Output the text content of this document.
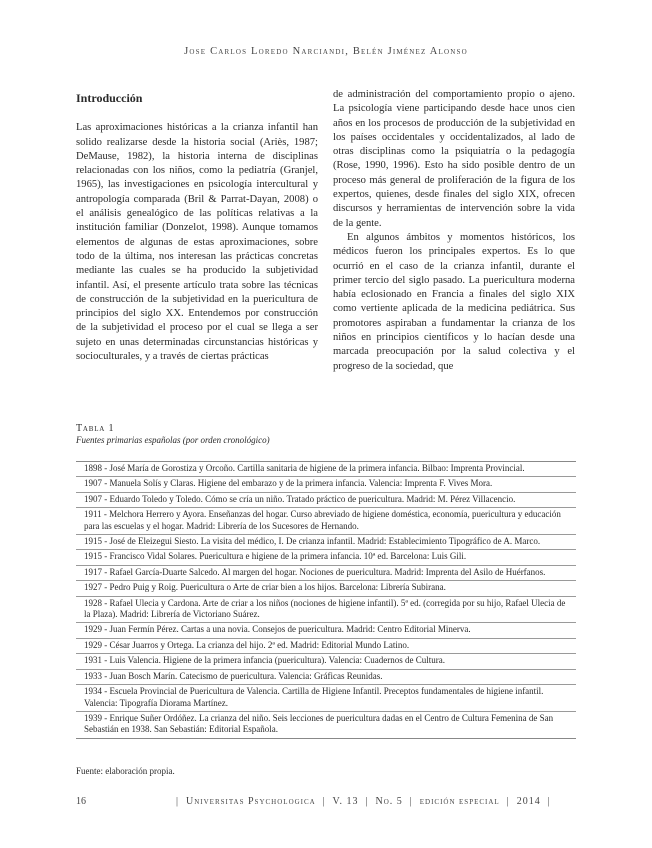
Jose Carlos Loredo Narciandi, Belén Jiménez Alonso
Introducción

Las aproximaciones históricas a la crianza infantil han solido realizarse desde la historia social (Ariès, 1987; DeMause, 1982), la historia interna de disciplinas relacionadas con los niños, como la pediatría (Granjel, 1965), las investigaciones en psicología intercultural y antropología comparada (Bril & Parrat-Dayan, 2008) o el análisis genealógico de las políticas relativas a la institución familiar (Donzelot, 1998). Aunque tomamos elementos de algunas de estas aproximaciones, sobre todo de la última, nos interesan las prácticas concretas mediante las cuales se ha producido la subjetividad infantil. Así, el presente artículo trata sobre las técnicas de construcción de la subjetividad en la puericultura de principios del siglo XX. Entendemos por construcción de la subjetividad el proceso por el cual se llega a ser sujeto en unas determinadas circunstancias históricas y socioculturales, y a través de ciertas prácticas

de administración del comportamiento propio o ajeno. La psicología viene participando desde hace unos cien años en los procesos de producción de la subjetividad en los países occidentales y occidentalizados, al lado de otras disciplinas como la psiquiatría o la pedagogía (Rose, 1990, 1996). Esto ha sido posible dentro de un proceso más general de proliferación de la figura de los expertos, quienes, desde finales del siglo XIX, ofrecen discursos y herramientas de intervención sobre la vida de la gente.

En algunos ámbitos y momentos históricos, los médicos fueron los principales expertos. Es lo que ocurrió en el caso de la crianza infantil, durante el primer tercio del siglo pasado. La puericultura moderna había eclosionado en Francia a finales del siglo XIX como vertiente aplicada de la medicina pediátrica. Sus promotores aspiraban a fundamentar la crianza de los niños en principios científicos y lo hacían desde una marcada preocupación por la salud colectiva y el progreso de la sociedad, que

Tabla 1
Fuentes primarias españolas (por orden cronológico)
1898 - José María de Gorostiza y Orcoño. Cartilla sanitaria de higiene de la primera infancia. Bilbao: Imprenta Provincial.
1907 - Manuela Solís y Claras. Higiene del embarazo y de la primera infancia. Valencia: Imprenta F. Vives Mora.
1907 - Eduardo Toledo y Toledo. Cómo se cría un niño. Tratado práctico de puericultura. Madrid: M. Pérez Villacencio.
1911 - Melchora Herrero y Ayora. Enseñanzas del hogar. Curso abreviado de higiene doméstica, economía, puericultura y educación para las escuelas y el hogar. Madrid: Librería de los Sucesores de Hernando.
1915 - José de Eleizegui Siesto. La visita del médico, I. De crianza infantil. Madrid: Establecimiento Tipográfico de A. Marco.
1915 - Francisco Vidal Solares. Puericultura e higiene de la primera infancia. 10ª ed. Barcelona: Luis Gili.
1917 - Rafael García-Duarte Salcedo. Al margen del hogar. Nociones de puericultura. Madrid: Imprenta del Asilo de Huérfanos.
1927 - Pedro Puig y Roig. Puericultura o Arte de criar bien a los hijos. Barcelona: Librería Subirana.
1928 - Rafael Ulecia y Cardona. Arte de criar a los niños (nociones de higiene infantil). 5ª ed. (corregida por su hijo, Rafael Ulecia de la Plaza). Madrid: Librería de Victoriano Suárez.
1929 - Juan Fermín Pérez. Cartas a una novia. Consejos de puericultura. Madrid: Centro Editorial Minerva.
1929 - César Juarros y Ortega. La crianza del hijo. 2ª ed. Madrid: Editorial Mundo Latino.
1931 - Luis Valencia. Higiene de la primera infancia (puericultura). Valencia: Cuadernos de Cultura.
1933 - Juan Bosch Marín. Catecismo de puericultura. Valencia: Gráficas Reunidas.
1934 - Escuela Provincial de Puericultura de Valencia. Cartilla de Higiene Infantil. Preceptos fundamentales de higiene infantil. Valencia: Tipografía Diorama Martínez.
1939 - Enrique Suñer Ordóñez. La crianza del niño. Seis lecciones de puericultura dadas en el Centro de Cultura Femenina de San Sebastián en 1938. San Sebastián: Editorial Española.
Fuente: elaboración propia.
16	|  Universitas Psychologica  |  V. 13  |  No. 5  |  edición especial  |  2014  |
